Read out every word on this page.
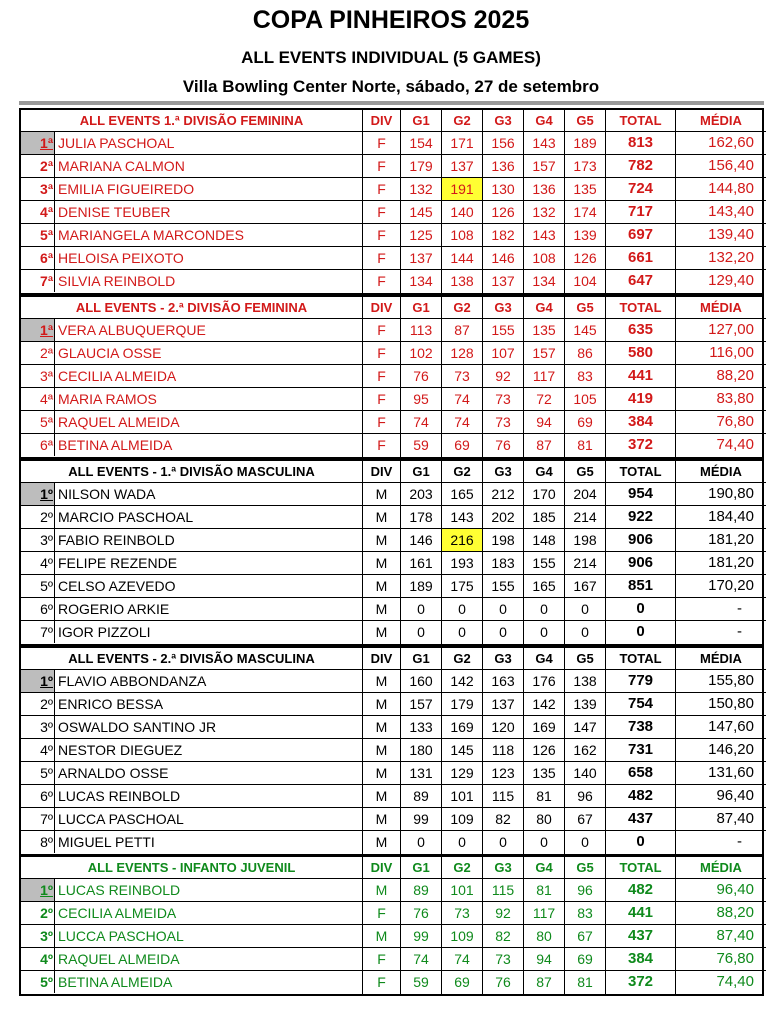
COPA PINHEIROS 2025
ALL EVENTS INDIVIDUAL (5 GAMES)
Villa Bowling Center Norte, sábado, 27 de setembro
ALL EVENTS 1.ª DIVISÃO FEMININA	DIV	G1	G2	G3	G4	G5	TOTAL	MÉDIA
1ª JULIA PASCHOAL	F	154	171	156	143	189	813	162,60
2ª MARIANA CALMON	F	179	137	136	157	173	782	156,40
3ª EMILIA FIGUEIREDO	F	132	191	130	136	135	724	144,80
4ª DENISE TEUBER	F	145	140	126	132	174	717	143,40
5ª MARIANGELA MARCONDES	F	125	108	182	143	139	697	139,40
6ª HELOISA PEIXOTO	F	137	144	146	108	126	661	132,20
7ª SILVIA REINBOLD	F	134	138	137	134	104	647	129,40
ALL EVENTS - 2.ª DIVISÃO FEMININA	DIV	G1	G2	G3	G4	G5	TOTAL	MÉDIA
1ª VERA ALBUQUERQUE	F	113	87	155	135	145	635	127,00
2ª GLAUCIA OSSE	F	102	128	107	157	86	580	116,00
3ª CECILIA ALMEIDA	F	76	73	92	117	83	441	88,20
4ª MARIA RAMOS	F	95	74	73	72	105	419	83,80
5ª RAQUEL ALMEIDA	F	74	74	73	94	69	384	76,80
6ª BETINA ALMEIDA	F	59	69	76	87	81	372	74,40
ALL EVENTS - 1.ª DIVISÃO MASCULINA	DIV	G1	G2	G3	G4	G5	TOTAL	MÉDIA
1º NILSON WADA	M	203	165	212	170	204	954	190,80
2º MARCIO PASCHOAL	M	178	143	202	185	214	922	184,40
3º FABIO REINBOLD	M	146	216	198	148	198	906	181,20
4º FELIPE REZENDE	M	161	193	183	155	214	906	181,20
5º CELSO AZEVEDO	M	189	175	155	165	167	851	170,20
6º ROGERIO ARKIE	M	0	0	0	0	0	0	-
7º IGOR PIZZOLI	M	0	0	0	0	0	0	-
ALL EVENTS - 2.ª DIVISÃO MASCULINA	DIV	G1	G2	G3	G4	G5	TOTAL	MÉDIA
1º FLAVIO ABBONDANZA	M	160	142	163	176	138	779	155,80
2º ENRICO BESSA	M	157	179	137	142	139	754	150,80
3º OSWALDO SANTINO JR	M	133	169	120	169	147	738	147,60
4º NESTOR DIEGUEZ	M	180	145	118	126	162	731	146,20
5º ARNALDO OSSE	M	131	129	123	135	140	658	131,60
6º LUCAS REINBOLD	M	89	101	115	81	96	482	96,40
7º LUCCA PASCHOAL	M	99	109	82	80	67	437	87,40
8º MIGUEL PETTI	M	0	0	0	0	0	0	-
ALL EVENTS - INFANTO JUVENIL	DIV	G1	G2	G3	G4	G5	TOTAL	MÉDIA
1º LUCAS REINBOLD	M	89	101	115	81	96	482	96,40
2º CECILIA ALMEIDA	F	76	73	92	117	83	441	88,20
3º LUCCA PASCHOAL	M	99	109	82	80	67	437	87,40
4º RAQUEL ALMEIDA	F	74	74	73	94	69	384	76,80
5º BETINA ALMEIDA	F	59	69	76	87	81	372	74,40
